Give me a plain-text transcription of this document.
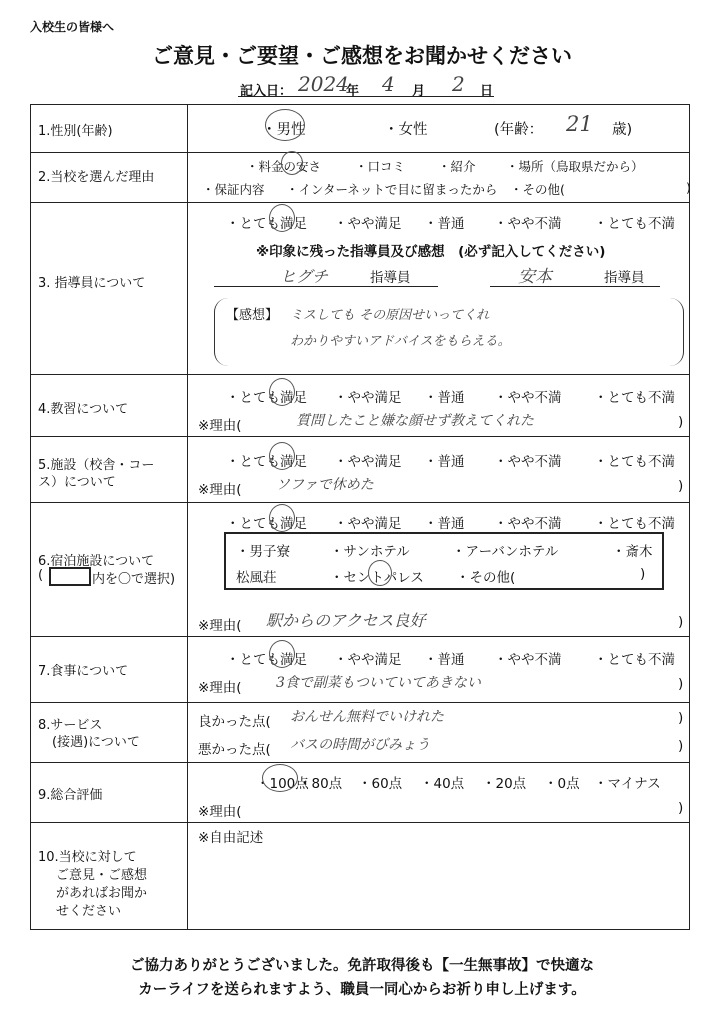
入校生の皆様へ
ご意見・ご要望・ご感想をお聞かせください
記入日： 2024
年 4 月 2 日

1.性別(年齢)	・男性	・女性	(年齢： 21 歳)
2.当校を選んだ理由
・料金の安さ	・口コミ	・紹介 ・場所（鳥取県だから）
・保証内容 ・インターネットで目に留まったから ・その他(	)
3. 指導員について
・とても満足 ・やや満足 ・普通 ・やや不満 ・とても不満
※印象に残った指導員及び感想　(必ず記入してください)
ヒグチ	指導員	安本	指導員
【感想】 ミスしても その原因せいってくれ
わかりやすいアドバイスをもらえる。
4.教習について
・とても満足 ・やや満足 ・普通 ・やや不満 ・とても不満
※理由(	質問したこと嫌な顔せず教えてくれた	)
5.施設（校舎・コー
ス）について
・とても満足 ・やや満足 ・普通 ・やや不満 ・とても不満
※理由( ソファで休めた	)
6.宿泊施設について
(	内を〇で選択)
・とても満足 ・やや満足 ・普通 ・やや不満 ・とても不満
・男子寮	・サンホテル	・アーバンホテル	・斎木
松風荘	・セントパレス ・その他(	)
※理由( 駅からのアクセス良好	)
7.食事について
・とても満足 ・やや満足 ・普通 ・やや不満 ・とても不満
※理由( 3食で副菜もついていてあきない	)
8.サービス
(接遇)について
良かった点( おんせん無料でいけれた	)
悪かった点( バスの時間がびみょう	)
9.総合評価
・100点
・80点 ・60点 ・40点 ・20点 ・0点 ・マイナス
※理由(	)
10.当校に対して
ご意見・ご感想
があればお聞か
せください
※自由記述
ご協力ありがとうございました。免許取得後も【一生無事故】で快適な
カーライフを送られますよう、職員一同心からお祈り申し上げます。
